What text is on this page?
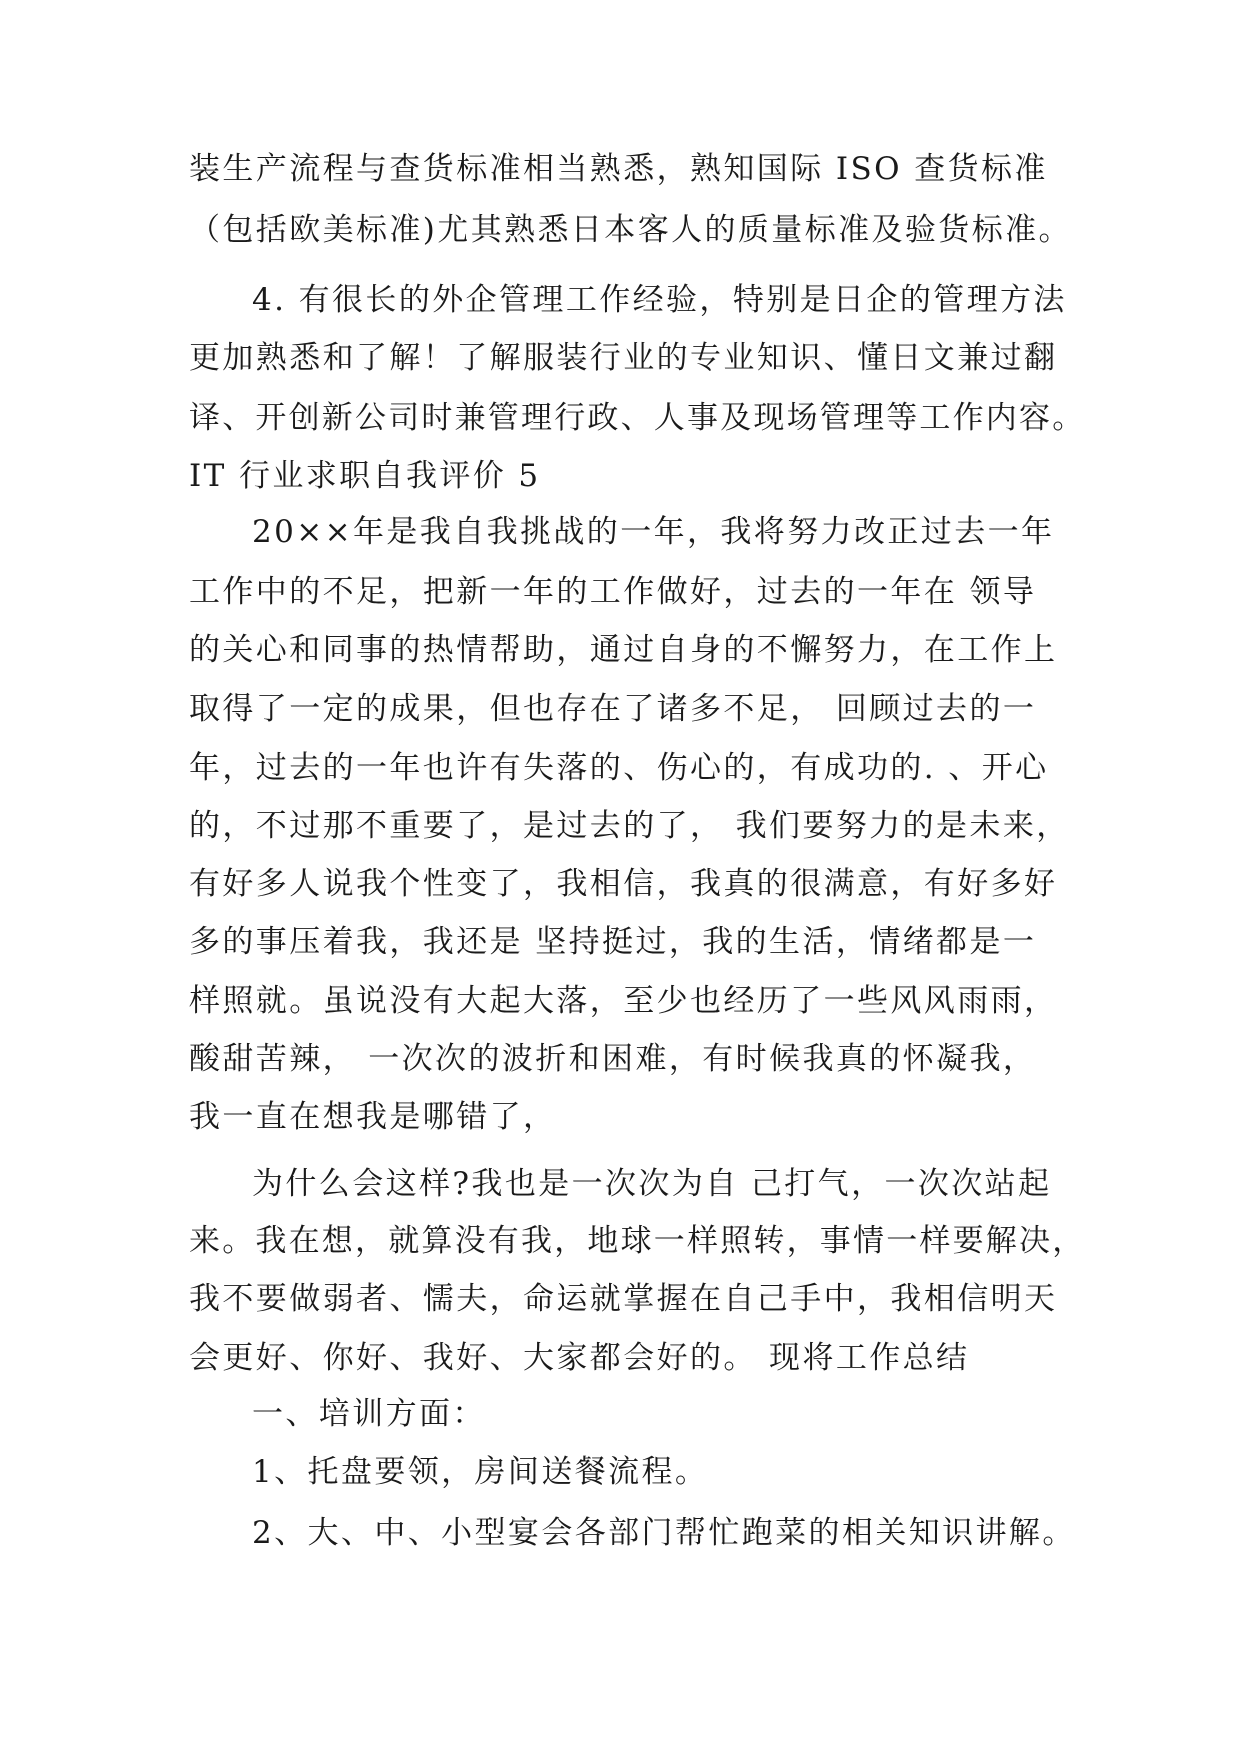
装生产流程与查货标准相当熟悉，熟知国际 ISO 查货标准
（包括欧美标准)尤其熟悉日本客人的质量标准及验货标准。
4. 有很长的外企管理工作经验，特别是日企的管理方法
更加熟悉和了解！了解服装行业的专业知识、懂日文兼过翻
译、开创新公司时兼管理行政、人事及现场管理等工作内容。
IT 行业求职自我评价 5
20××年是我自我挑战的一年，我将努力改正过去一年
工作中的不足，把新一年的工作做好，过去的一年在 领导
的关心和同事的热情帮助，通过自身的不懈努力，在工作上
取得了一定的成果，但也存在了诸多不足， 回顾过去的一
年，过去的一年也许有失落的、伤心的，有成功的. 、开心
的，不过那不重要了，是过去的了， 我们要努力的是未来，
有好多人说我个性变了，我相信，我真的很满意，有好多好
多的事压着我，我还是 坚持挺过，我的生活，情绪都是一
样照就。虽说没有大起大落，至少也经历了一些风风雨雨，
酸甜苦辣， 一次次的波折和困难，有时候我真的怀凝我，
我一直在想我是哪错了，
为什么会这样?我也是一次次为自 己打气，一次次站起
来。我在想，就算没有我，地球一样照转，事情一样要解决，
我不要做弱者、懦夫，命运就掌握在自己手中，我相信明天
会更好、你好、我好、大家都会好的。 现将工作总结
一、培训方面：
1、托盘要领，房间送餐流程。
2、大、中、小型宴会各部门帮忙跑菜的相关知识讲解。
